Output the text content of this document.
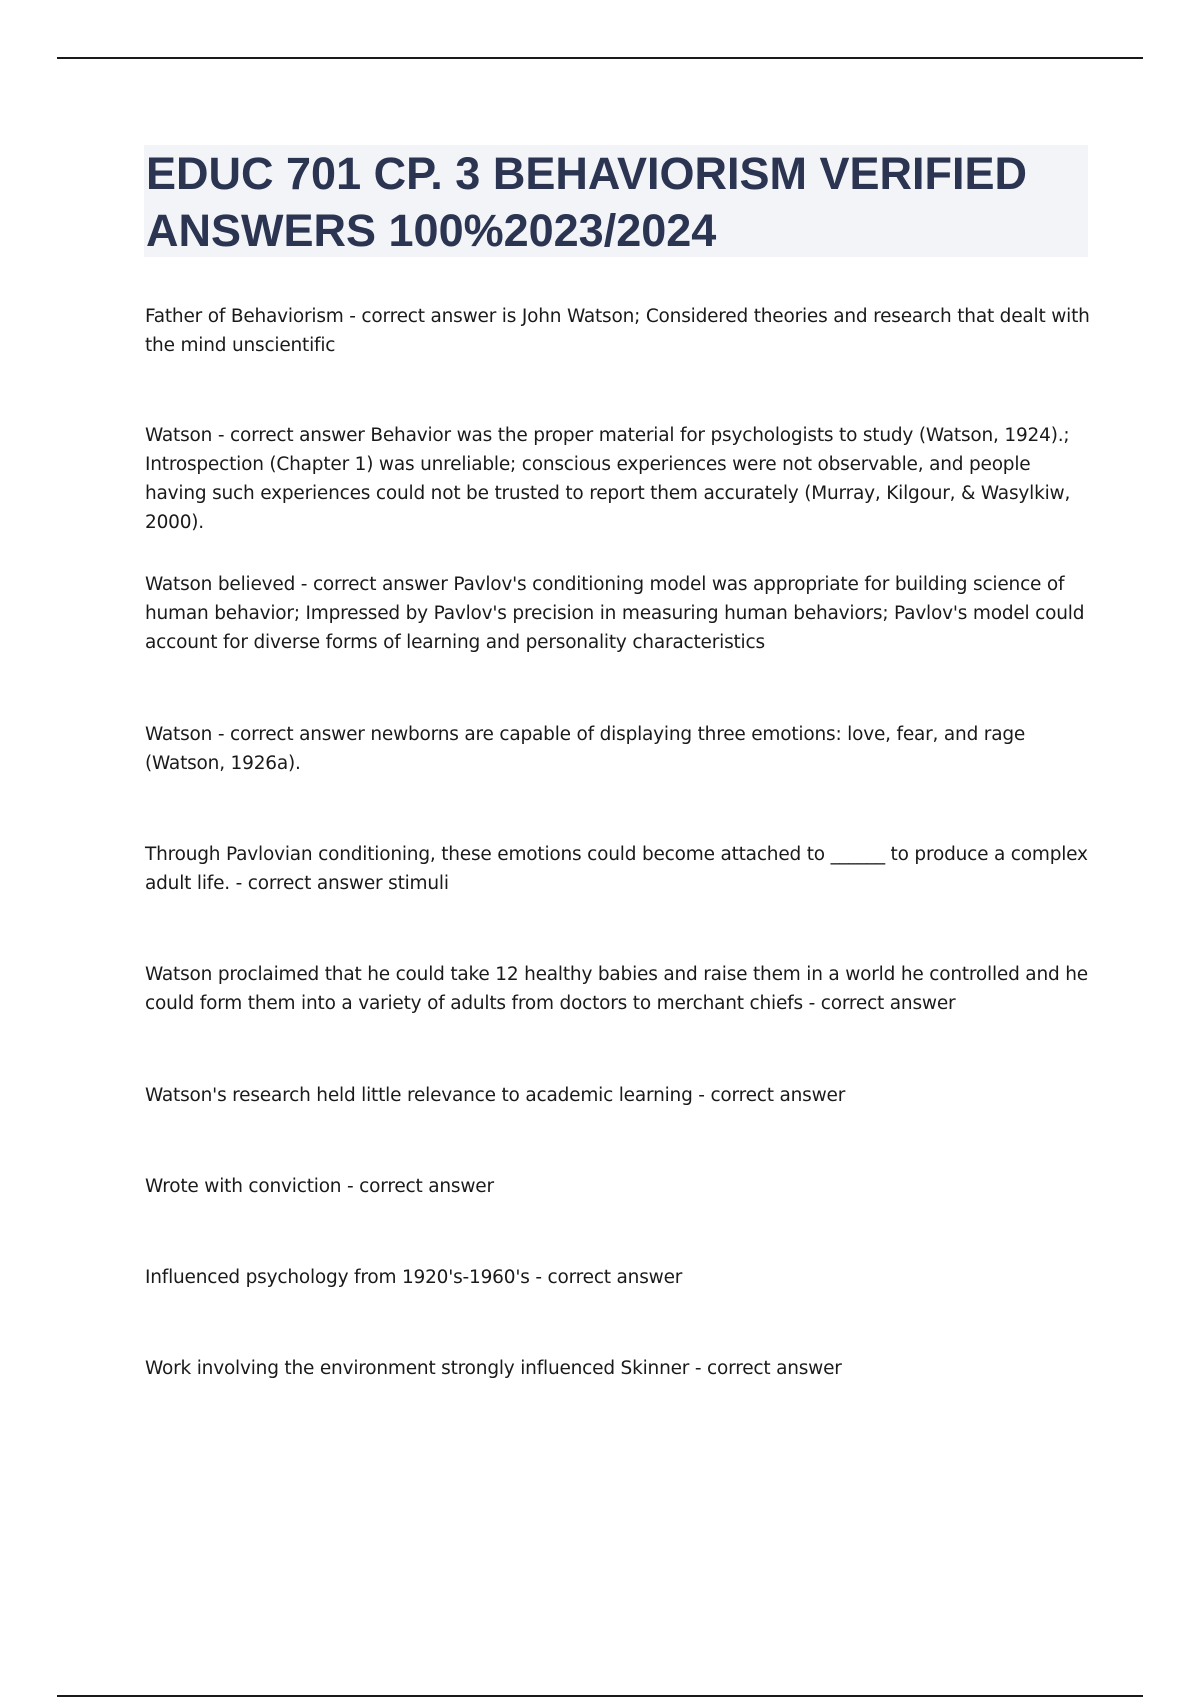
EDUC 701 CP. 3 BEHAVIORISM VERIFIED ANSWERS 100%2023/2024

Father of Behaviorism - correct answer is John Watson; Considered theories and research that dealt with the mind unscientific

Watson - correct answer Behavior was the proper material for psychologists to study (Watson, 1924).; Introspection (Chapter 1) was unreliable; conscious experiences were not observable, and people having such experiences could not be trusted to report them accurately (Murray, Kilgour, & Wasylkiw, 2000).

Watson believed - correct answer Pavlov's conditioning model was appropriate for building science of human behavior; Impressed by Pavlov's precision in measuring human behaviors; Pavlov's model could account for diverse forms of learning and personality characteristics

Watson - correct answer newborns are capable of displaying three emotions: love, fear, and rage (Watson, 1926a).

Through Pavlovian conditioning, these emotions could become attached to ______ to produce a complex adult life. - correct answer stimuli

Watson proclaimed that he could take 12 healthy babies and raise them in a world he controlled and he could form them into a variety of adults from doctors to merchant chiefs - correct answer

Watson's research held little relevance to academic learning - correct answer

Wrote with conviction - correct answer

Influenced psychology from 1920's-1960's - correct answer

Work involving the environment strongly influenced Skinner - correct answer
